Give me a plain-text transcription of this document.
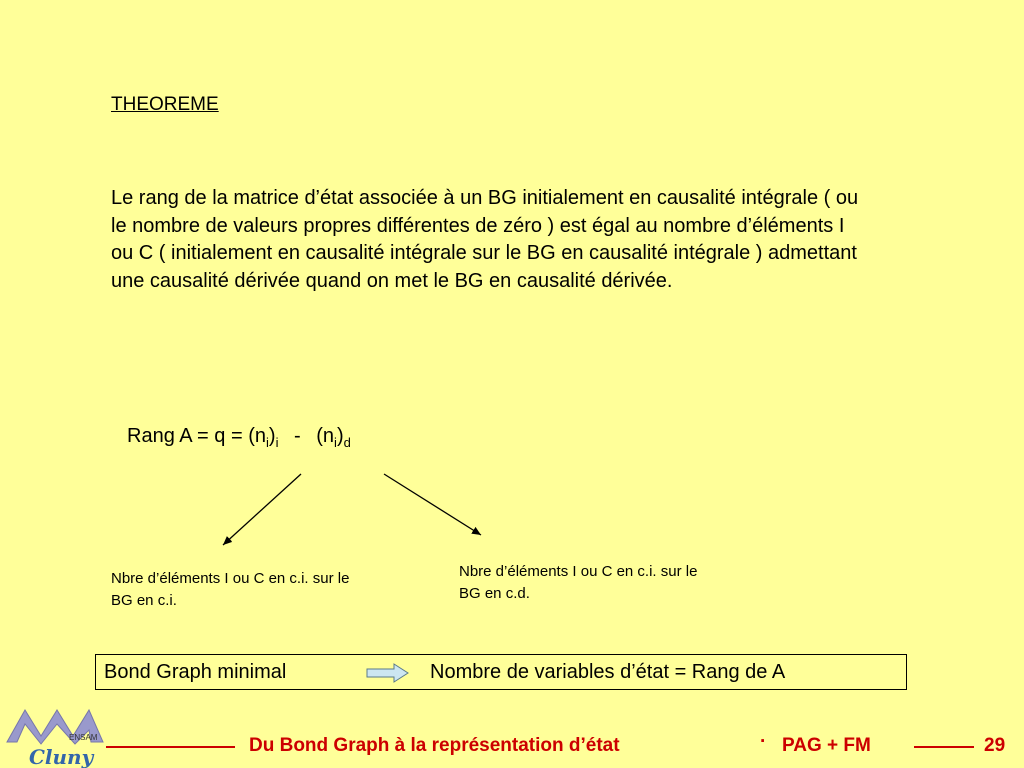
THEOREME
Le rang de la matrice d’état associée à un BG initialement en causalité intégrale ( ou le nombre de valeurs propres différentes de zéro ) est égal au nombre d’éléments I ou C ( initialement en causalité intégrale sur le BG en causalité intégrale ) admettant une causalité dérivée quand on met le BG en causalité dérivée.
Rang $A = q = (n_i)_i - (n_i)_d$
Nbre d’éléments I ou C en c.i. sur le BG en c.i.
Nbre d’éléments I ou C en c.i. sur le BG en c.d.
Bond Graph minimal	Nombre de variables d’état = Rang de A
ENSAM
Cluny	Du Bond Graph à la représentation d’état	· PAG + FM	29
